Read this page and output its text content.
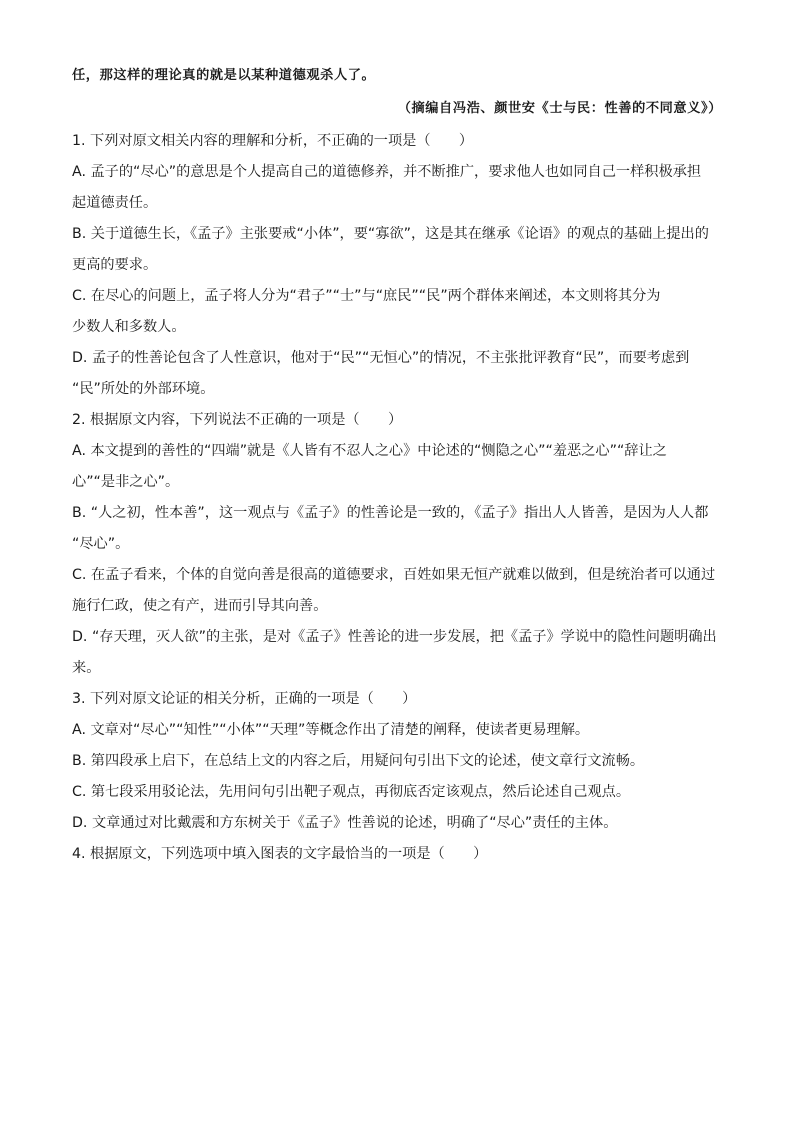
任，那这样的理论真的就是以某种道德观杀人了。
（摘编自冯浩、颜世安《士与民：性善的不同意义》）
1. 下列对原文相关内容的理解和分析，不正确的一项是（　　）
A. 孟子的“尽心”的意思是个人提高自己的道德修养，并不断推广，要求他人也如同自己一样积极承担
起道德责任。
B. 关于道德生长，《孟子》主张要戒“小体”，要“寡欲”，这是其在继承《论语》的观点的基础上提出的
更高的要求。
C. 在尽心的问题上，孟子将人分为“君子”“士”与“庶民”“民”两个群体来阐述，本文则将其分为
少数人和多数人。
D. 孟子的性善论包含了人性意识，他对于“民”“无恒心”的情况，不主张批评教育“民”，而要考虑到
“民”所处的外部环境。
2. 根据原文内容，下列说法不正确的一项是（　　）
A. 本文提到的善性的“四端”就是《人皆有不忍人之心》中论述的“恻隐之心”“羞恶之心”“辞让之
心”“是非之心”。
B. “人之初，性本善”，这一观点与《孟子》的性善论是一致的，《孟子》指出人人皆善，是因为人人都
“尽心”。
C. 在孟子看来，个体的自觉向善是很高的道德要求，百姓如果无恒产就难以做到，但是统治者可以通过
施行仁政，使之有产，进而引导其向善。
D. “存天理，灭人欲”的主张，是对《孟子》性善论的进一步发展，把《孟子》学说中的隐性问题明确出
来。
3. 下列对原文论证的相关分析，正确的一项是（　　）
A. 文章对“尽心”“知性”“小体”“天理”等概念作出了清楚的阐释，使读者更易理解。
B. 第四段承上启下，在总结上文的内容之后，用疑问句引出下文的论述，使文章行文流畅。
C. 第七段采用驳论法，先用问句引出靶子观点，再彻底否定该观点，然后论述自己观点。
D. 文章通过对比戴震和方东树关于《孟子》性善说的论述，明确了“尽心”责任的主体。
4. 根据原文，下列选项中填入图表的文字最恰当的一项是（　　）
